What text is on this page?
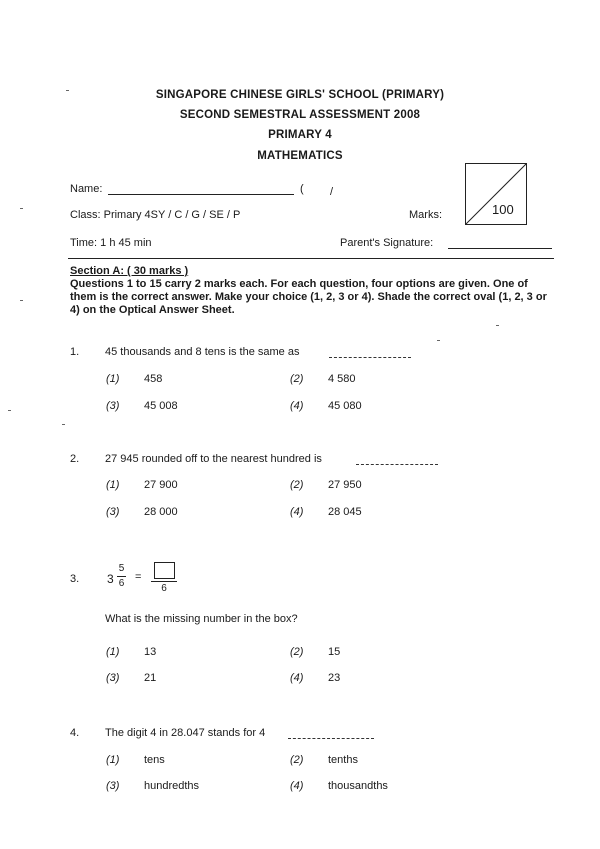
SINGAPORE CHINESE GIRLS' SCHOOL (PRIMARY)
SECOND SEMESTRAL ASSESSMENT 2008
PRIMARY 4
MATHEMATICS
Name:	( /
Class: Primary 4SY / C / G / SE / P	Marks:	100
Time: 1 h 45 min	Parent's Signature:
Section A: ( 30 marks )
Questions 1 to 15 carry 2 marks each. For each question, four options are given. One of them is the correct answer. Make your choice (1, 2, 3 or 4). Shade the correct oval (1, 2, 3 or 4) on the Optical Answer Sheet.
1. 45 thousands and 8 tens is the same as
(1) 458	(2) 4 580
(3) 45 008	(4) 45 080
2. 27 945 rounded off to the nearest hundred is
(1) 27 900	(2) 27 950
(3) 28 000	(4) 28 045
3. 3
5
6
=
6
What is the missing number in the box?
(1) 13	(2) 15
(3) 21	(4) 23
4. The digit 4 in 28.047 stands for 4
(1) tens	(2) tenths
(3) hundredths	(4) thousandths
